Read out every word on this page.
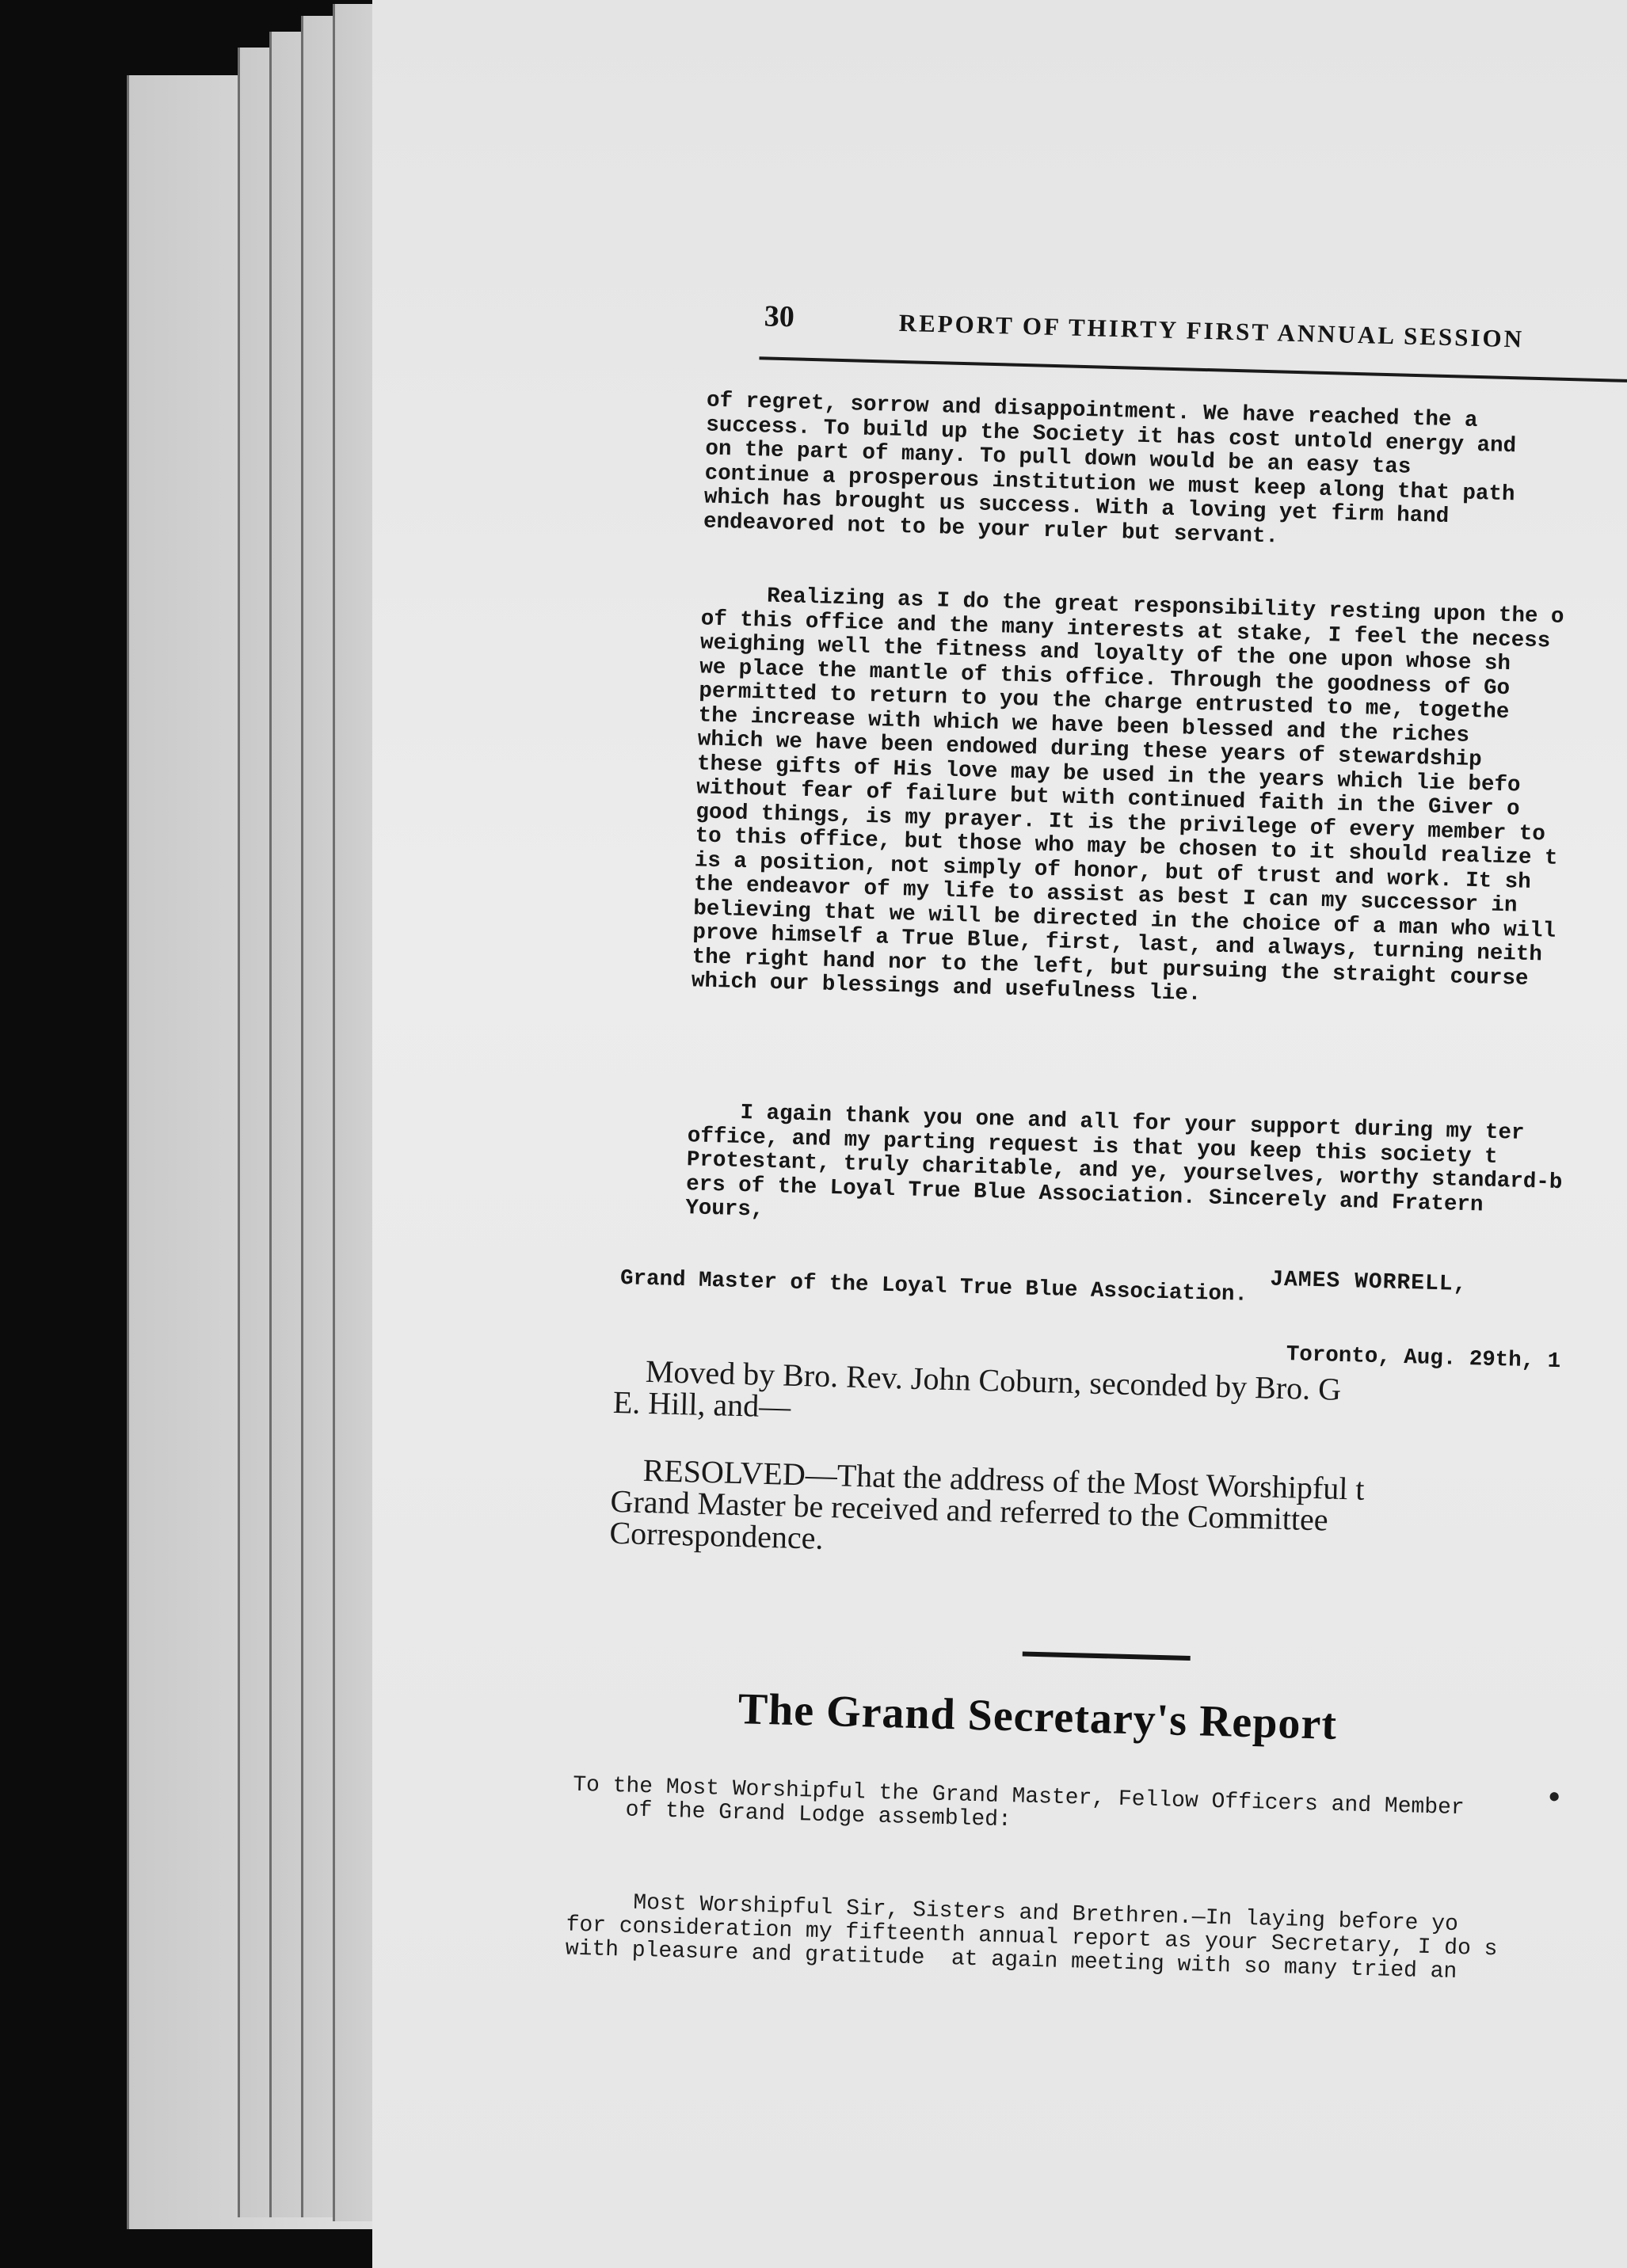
30	REPORT OF THIRTY FIRST ANNUAL SESSION
of regret, sorrow and disappointment. We have reached the a
success. To build up the Society it has cost untold energy and
on the part of many. To pull down would be an easy tas
continue a prosperous institution we must keep along that path
which has brought us success. With a loving yet firm hand
endeavored not to be your ruler but servant.
Realizing as I do the great responsibility resting upon the o
of this office and the many interests at stake, I feel the necess
weighing well the fitness and loyalty of the one upon whose sh
we place the mantle of this office. Through the goodness of Go
permitted to return to you the charge entrusted to me, togethe
the increase with which we have been blessed and the riches
which we have been endowed during these years of stewardship
these gifts of His love may be used in the years which lie befo
without fear of failure but with continued faith in the Giver o
good things, is my prayer. It is the privilege of every member to
to this office, but those who may be chosen to it should realize t
is a position, not simply of honor, but of trust and work. It sh
the endeavor of my life to assist as best I can my successor in
believing that we will be directed in the choice of a man who will
prove himself a True Blue, first, last, and always, turning neith
the right hand nor to the left, but pursuing the straight course
which our blessings and usefulness lie.
I again thank you one and all for your support during my ter
office, and my parting request is that you keep this society t
Protestant, truly charitable, and ye, yourselves, worthy standard-b
ers of the Loyal True Blue Association. Sincerely and Fratern
Yours,
JAMES WORRELL,
Grand Master of the Loyal True Blue Association.
Toronto, Aug. 29th, 1
Moved by Bro. Rev. John Coburn, seconded by Bro. G
E. Hill, and—
RESOLVED—That the address of the Most Worshipful t
Grand Master be received and referred to the Committee
Correspondence.
The Grand Secretary's Report
●
To the Most Worshipful the Grand Master, Fellow Officers and Member
of the Grand Lodge assembled:
Most Worshipful Sir, Sisters and Brethren.—In laying before yo
for consideration my fifteenth annual report as your Secretary, I do s
with pleasure and gratitude  at again meeting with so many tried an
